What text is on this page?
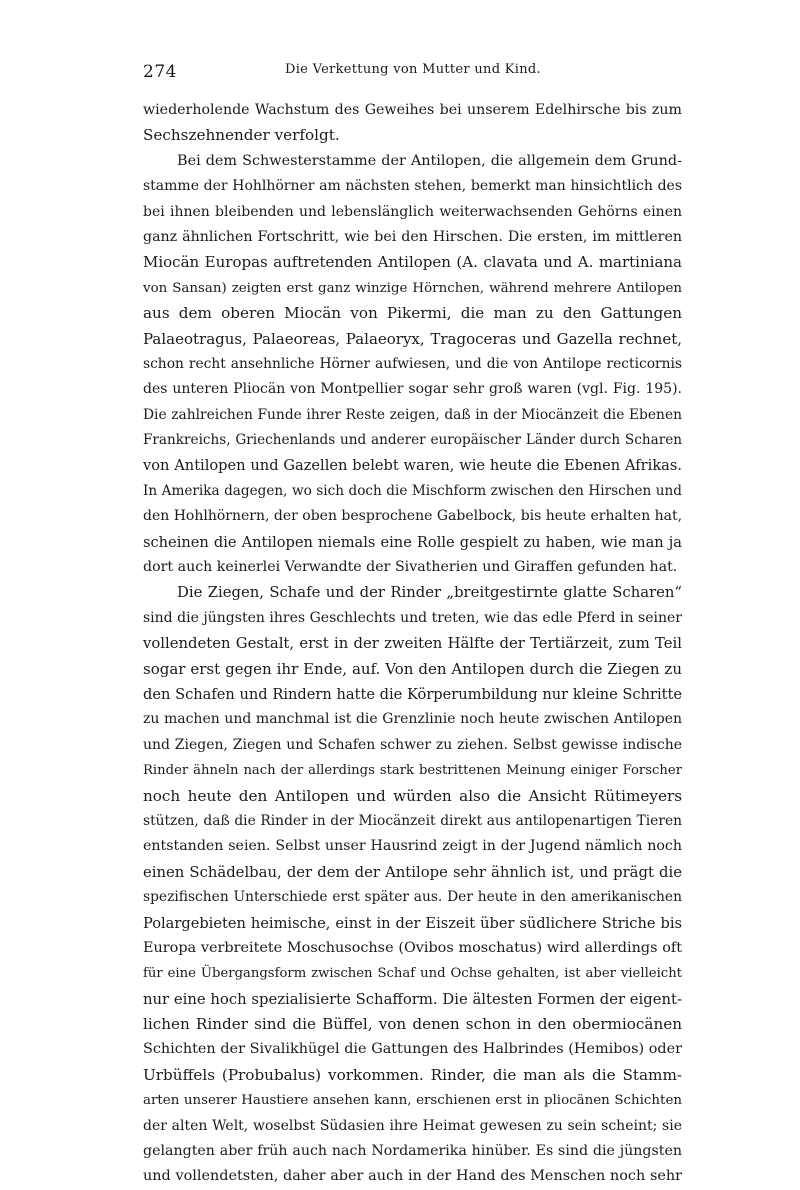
274	Die Verkettung von Mutter und Kind.
wiederholende Wachstum des Geweihes bei unserem Edelhirsche bis zum
Sechszehnender verfolgt.
Bei dem Schwesterstamme der Antilopen, die allgemein dem Grund-
stamme der Hohlhörner am nächsten stehen, bemerkt man hinsichtlich des
bei ihnen bleibenden und lebenslänglich weiterwachsenden Gehörns einen
ganz ähnlichen Fortschritt, wie bei den Hirschen. Die ersten, im mittleren
Miocän Europas auftretenden Antilopen (A. clavata und A. martiniana
von Sansan) zeigten erst ganz winzige Hörnchen, während mehrere Antilopen
aus dem oberen Miocän von Pikermi, die man zu den Gattungen
Palaeotragus, Palaeoreas, Palaeoryx, Tragoceras und Gazella rechnet,
schon recht ansehnliche Hörner aufwiesen, und die von Antilope recticornis
des unteren Pliocän von Montpellier sogar sehr groß waren (vgl. Fig. 195).
Die zahlreichen Funde ihrer Reste zeigen, daß in der Miocänzeit die Ebenen
Frankreichs, Griechenlands und anderer europäischer Länder durch Scharen
von Antilopen und Gazellen belebt waren, wie heute die Ebenen Afrikas.
In Amerika dagegen, wo sich doch die Mischform zwischen den Hirschen und
den Hohlhörnern, der oben besprochene Gabelbock, bis heute erhalten hat,
scheinen die Antilopen niemals eine Rolle gespielt zu haben, wie man ja
dort auch keinerlei Verwandte der Sivatherien und Giraffen gefunden hat.
Die Ziegen, Schafe und der Rinder „breitgestirnte glatte Scharen“
sind die jüngsten ihres Geschlechts und treten, wie das edle Pferd in seiner
vollendeten Gestalt, erst in der zweiten Hälfte der Tertiärzeit, zum Teil
sogar erst gegen ihr Ende, auf. Von den Antilopen durch die Ziegen zu
den Schafen und Rindern hatte die Körperumbildung nur kleine Schritte
zu machen und manchmal ist die Grenzlinie noch heute zwischen Antilopen
und Ziegen, Ziegen und Schafen schwer zu ziehen. Selbst gewisse indische
Rinder ähneln nach der allerdings stark bestrittenen Meinung einiger Forscher
noch heute den Antilopen und würden also die Ansicht Rütimeyers
stützen, daß die Rinder in der Miocänzeit direkt aus antilopenartigen Tieren
entstanden seien. Selbst unser Hausrind zeigt in der Jugend nämlich noch
einen Schädelbau, der dem der Antilope sehr ähnlich ist, und prägt die
spezifischen Unterschiede erst später aus. Der heute in den amerikanischen
Polargebieten heimische, einst in der Eiszeit über südlichere Striche bis
Europa verbreitete Moschusochse (Ovibos moschatus) wird allerdings oft
für eine Übergangsform zwischen Schaf und Ochse gehalten, ist aber vielleicht
nur eine hoch spezialisierte Schafform. Die ältesten Formen der eigent-
lichen Rinder sind die Büffel, von denen schon in den obermiocänen
Schichten der Sivalikhügel die Gattungen des Halbrindes (Hemibos) oder
Urbüffels (Probubalus) vorkommen. Rinder, die man als die Stamm-
arten unserer Haustiere ansehen kann, erschienen erst in pliocänen Schichten
der alten Welt, woselbst Südasien ihre Heimat gewesen zu sein scheint; sie
gelangten aber früh auch nach Nordamerika hinüber. Es sind die jüngsten
und vollendetsten, daher aber auch in der Hand des Menschen noch sehr
